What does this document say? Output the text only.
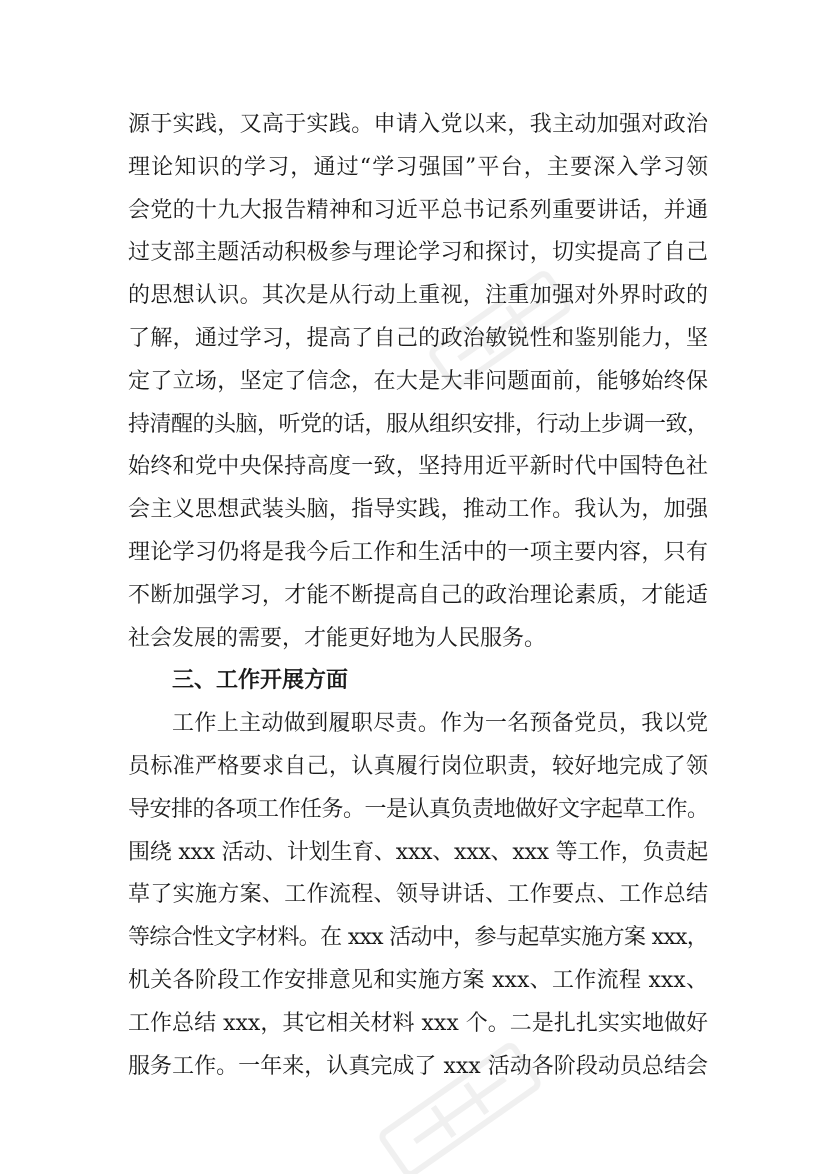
源于实践，又高于实践。申请入党以来，我主动加强对政治
理论知识的学习，通过“学习强国”平台，主要深入学习领
会党的十九大报告精神和习近平总书记系列重要讲话，并通
过支部主题活动积极参与理论学习和探讨，切实提高了自己
的思想认识。其次是从行动上重视，注重加强对外界时政的
了解，通过学习，提高了自己的政治敏锐性和鉴别能力，坚
定了立场，坚定了信念，在大是大非问题面前，能够始终保
持清醒的头脑，听党的话，服从组织安排，行动上步调一致，
始终和党中央保持高度一致，坚持用近平新时代中国特色社
会主义思想武装头脑，指导实践，推动工作。我认为，加强
理论学习仍将是我今后工作和生活中的一项主要内容，只有
不断加强学习，才能不断提高自己的政治理论素质，才能适
社会发展的需要，才能更好地为人民服务。
三、工作开展方面
工作上主动做到履职尽责。作为一名预备党员，我以党
员标准严格要求自己，认真履行岗位职责，较好地完成了领
导安排的各项工作任务。一是认真负责地做好文字起草工作。
围绕 xxx 活动、计划生育、xxx、xxx、xxx 等工作，负责起
草了实施方案、工作流程、领导讲话、工作要点、工作总结
等综合性文字材料。在 xxx 活动中，参与起草实施方案 xxx，
机关各阶段工作安排意见和实施方案 xxx、工作流程 xxx、
工作总结 xxx，其它相关材料 xxx 个。二是扎扎实实地做好
服务工作。一年来，认真完成了 xxx 活动各阶段动员总结会
